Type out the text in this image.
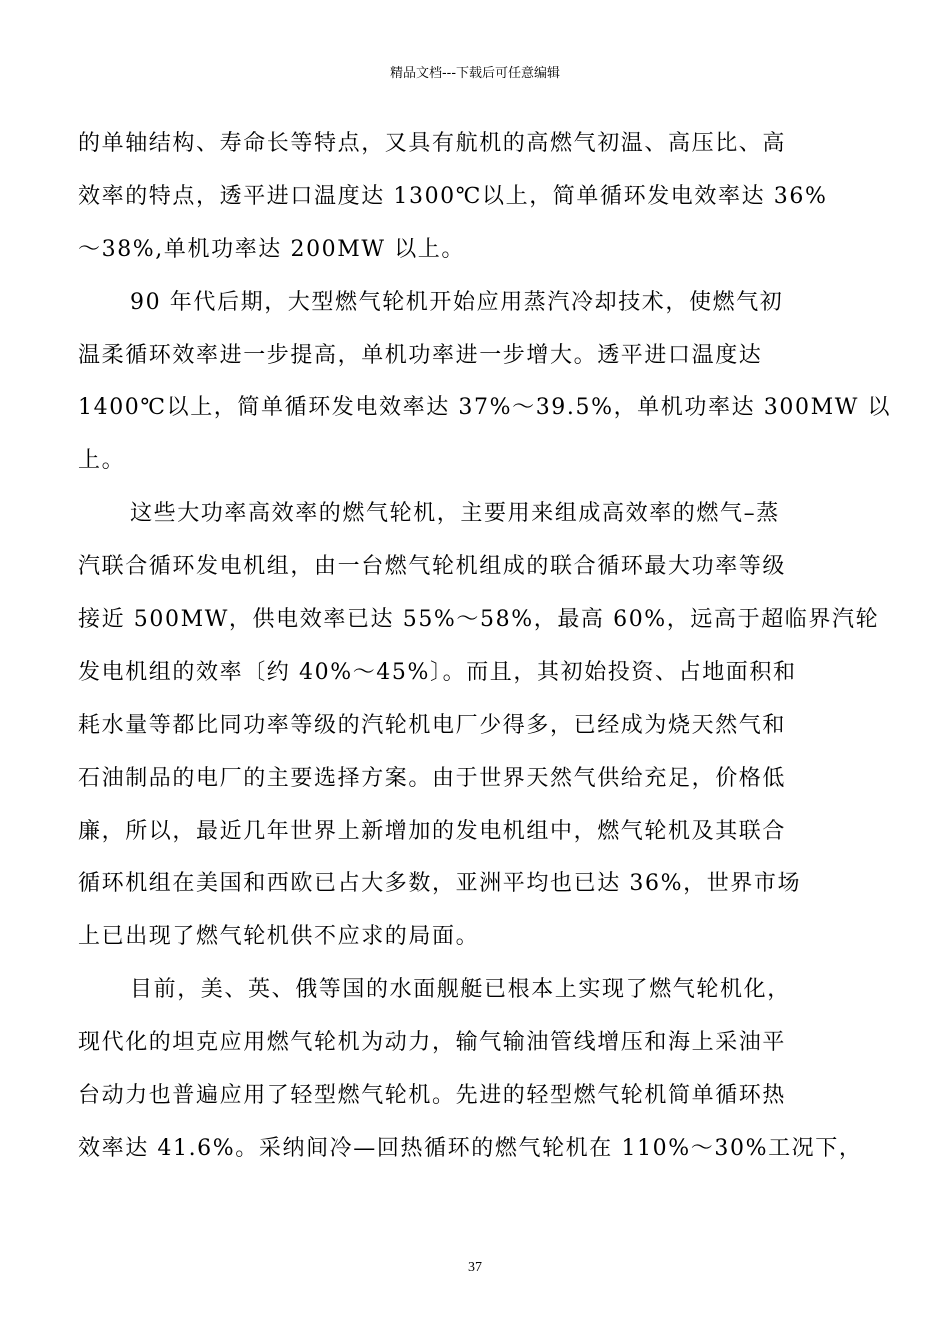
精品文档---下载后可任意编辑
的单轴结构、寿命长等特点，又具有航机的高燃气初温、高压比、高
效率的特点，透平进口温度达 1300℃以上，简单循环发电效率达 36%
～38%,单机功率达 200MW 以上。
90 年代后期，大型燃气轮机开始应用蒸汽冷却技术，使燃气初
温柔循环效率进一步提高，单机功率进一步增大。透平进口温度达
1400℃以上，简单循环发电效率达 37%～39.5%，单机功率达 300MW 以
上。
这些大功率高效率的燃气轮机，主要用来组成高效率的燃气–蒸
汽联合循环发电机组，由一台燃气轮机组成的联合循环最大功率等级
接近 500MW，供电效率已达 55%～58%，最高 60%，远高于超临界汽轮
发电机组的效率〔约 40%～45%〕。而且，其初始投资、占地面积和
耗水量等都比同功率等级的汽轮机电厂少得多，已经成为烧天然气和
石油制品的电厂的主要选择方案。由于世界天然气供给充足，价格低
廉，所以，最近几年世界上新增加的发电机组中，燃气轮机及其联合
循环机组在美国和西欧已占大多数，亚洲平均也已达 36%，世界市场
上已出现了燃气轮机供不应求的局面。
目前，美、英、俄等国的水面舰艇已根本上实现了燃气轮机化，
现代化的坦克应用燃气轮机为动力，输气输油管线增压和海上采油平
台动力也普遍应用了轻型燃气轮机。先进的轻型燃气轮机简单循环热
效率达 41.6%。采纳间冷—回热循环的燃气轮机在 110%～30%工况下，
37
